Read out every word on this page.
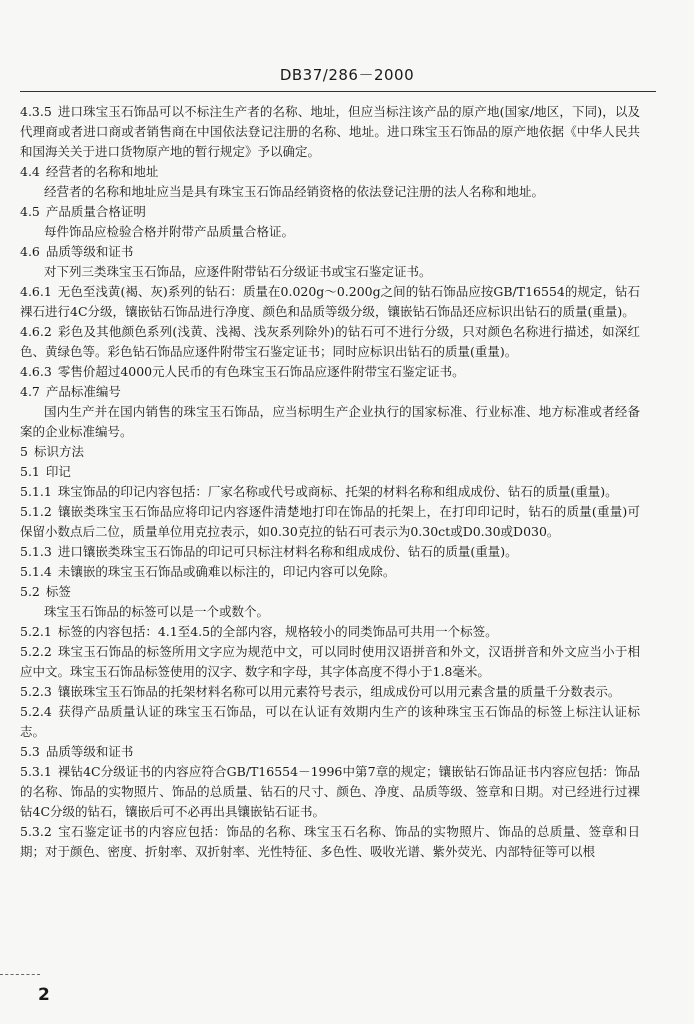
DB37/286－2000

4.3.5 进口珠宝玉石饰品可以不标注生产者的名称、地址，但应当标注该产品的原产地(国家/地区，下同)，以及代理商或者进口商或者销售商在中国依法登记注册的名称、地址。进口珠宝玉石饰品的原产地依据《中华人民共和国海关关于进口货物原产地的暂行规定》予以确定。

4.4 经营者的名称和地址

经营者的名称和地址应当是具有珠宝玉石饰品经销资格的依法登记注册的法人名称和地址。

4.5 产品质量合格证明

每件饰品应检验合格并附带产品质量合格证。

4.6 品质等级和证书

对下列三类珠宝玉石饰品，应逐件附带钻石分级证书或宝石鉴定证书。

4.6.1 无色至浅黄(褐、灰)系列的钻石：质量在0.020g～0.200g之间的钻石饰品应按GB/T16554的规定，钻石裸石进行4C分级，镶嵌钻石饰品进行净度、颜色和品质等级分级，镶嵌钻石饰品还应标识出钻石的质量(重量)。

4.6.2 彩色及其他颜色系列(浅黄、浅褐、浅灰系列除外)的钻石可不进行分级，只对颜色名称进行描述，如深红色、黄绿色等。彩色钻石饰品应逐件附带宝石鉴定证书；同时应标识出钻石的质量(重量)。

4.6.3 零售价超过4000元人民币的有色珠宝玉石饰品应逐件附带宝石鉴定证书。

4.7 产品标准编号

国内生产并在国内销售的珠宝玉石饰品，应当标明生产企业执行的国家标准、行业标准、地方标准或者经备案的企业标准编号。

5 标识方法

5.1 印记

5.1.1 珠宝饰品的印记内容包括：厂家名称或代号或商标、托架的材料名称和组成成份、钻石的质量(重量)。

5.1.2 镶嵌类珠宝玉石饰品应将印记内容逐件清楚地打印在饰品的托架上，在打印印记时，钻石的质量(重量)可保留小数点后二位，质量单位用克拉表示，如0.30克拉的钻石可表示为0.30ct或D0.30或D030。

5.1.3 进口镶嵌类珠宝玉石饰品的印记可只标注材料名称和组成成份、钻石的质量(重量)。

5.1.4 未镶嵌的珠宝玉石饰品或确难以标注的，印记内容可以免除。

5.2 标签

珠宝玉石饰品的标签可以是一个或数个。

5.2.1 标签的内容包括：4.1至4.5的全部内容，规格较小的同类饰品可共用一个标签。

5.2.2 珠宝玉石饰品的标签所用文字应为规范中文，可以同时使用汉语拼音和外文，汉语拼音和外文应当小于相应中文。珠宝玉石饰品标签使用的汉字、数字和字母，其字体高度不得小于1.8毫米。

5.2.3 镶嵌珠宝玉石饰品的托架材料名称可以用元素符号表示，组成成份可以用元素含量的质量千分数表示。

5.2.4 获得产品质量认证的珠宝玉石饰品，可以在认证有效期内生产的该种珠宝玉石饰品的标签上标注认证标志。

5.3 品质等级和证书

5.3.1 裸钻4C分级证书的内容应符合GB/T16554－1996中第7章的规定；镶嵌钻石饰品证书内容应包括：饰品的名称、饰品的实物照片、饰品的总质量、钻石的尺寸、颜色、净度、品质等级、签章和日期。对已经进行过裸钻4C分级的钻石，镶嵌后可不必再出具镶嵌钻石证书。

5.3.2 宝石鉴定证书的内容应包括：饰品的名称、珠宝玉石名称、饰品的实物照片、饰品的总质量、签章和日期；对于颜色、密度、折射率、双折射率、光性特征、多色性、吸收光谱、紫外荧光、内部特征等可以根

2
